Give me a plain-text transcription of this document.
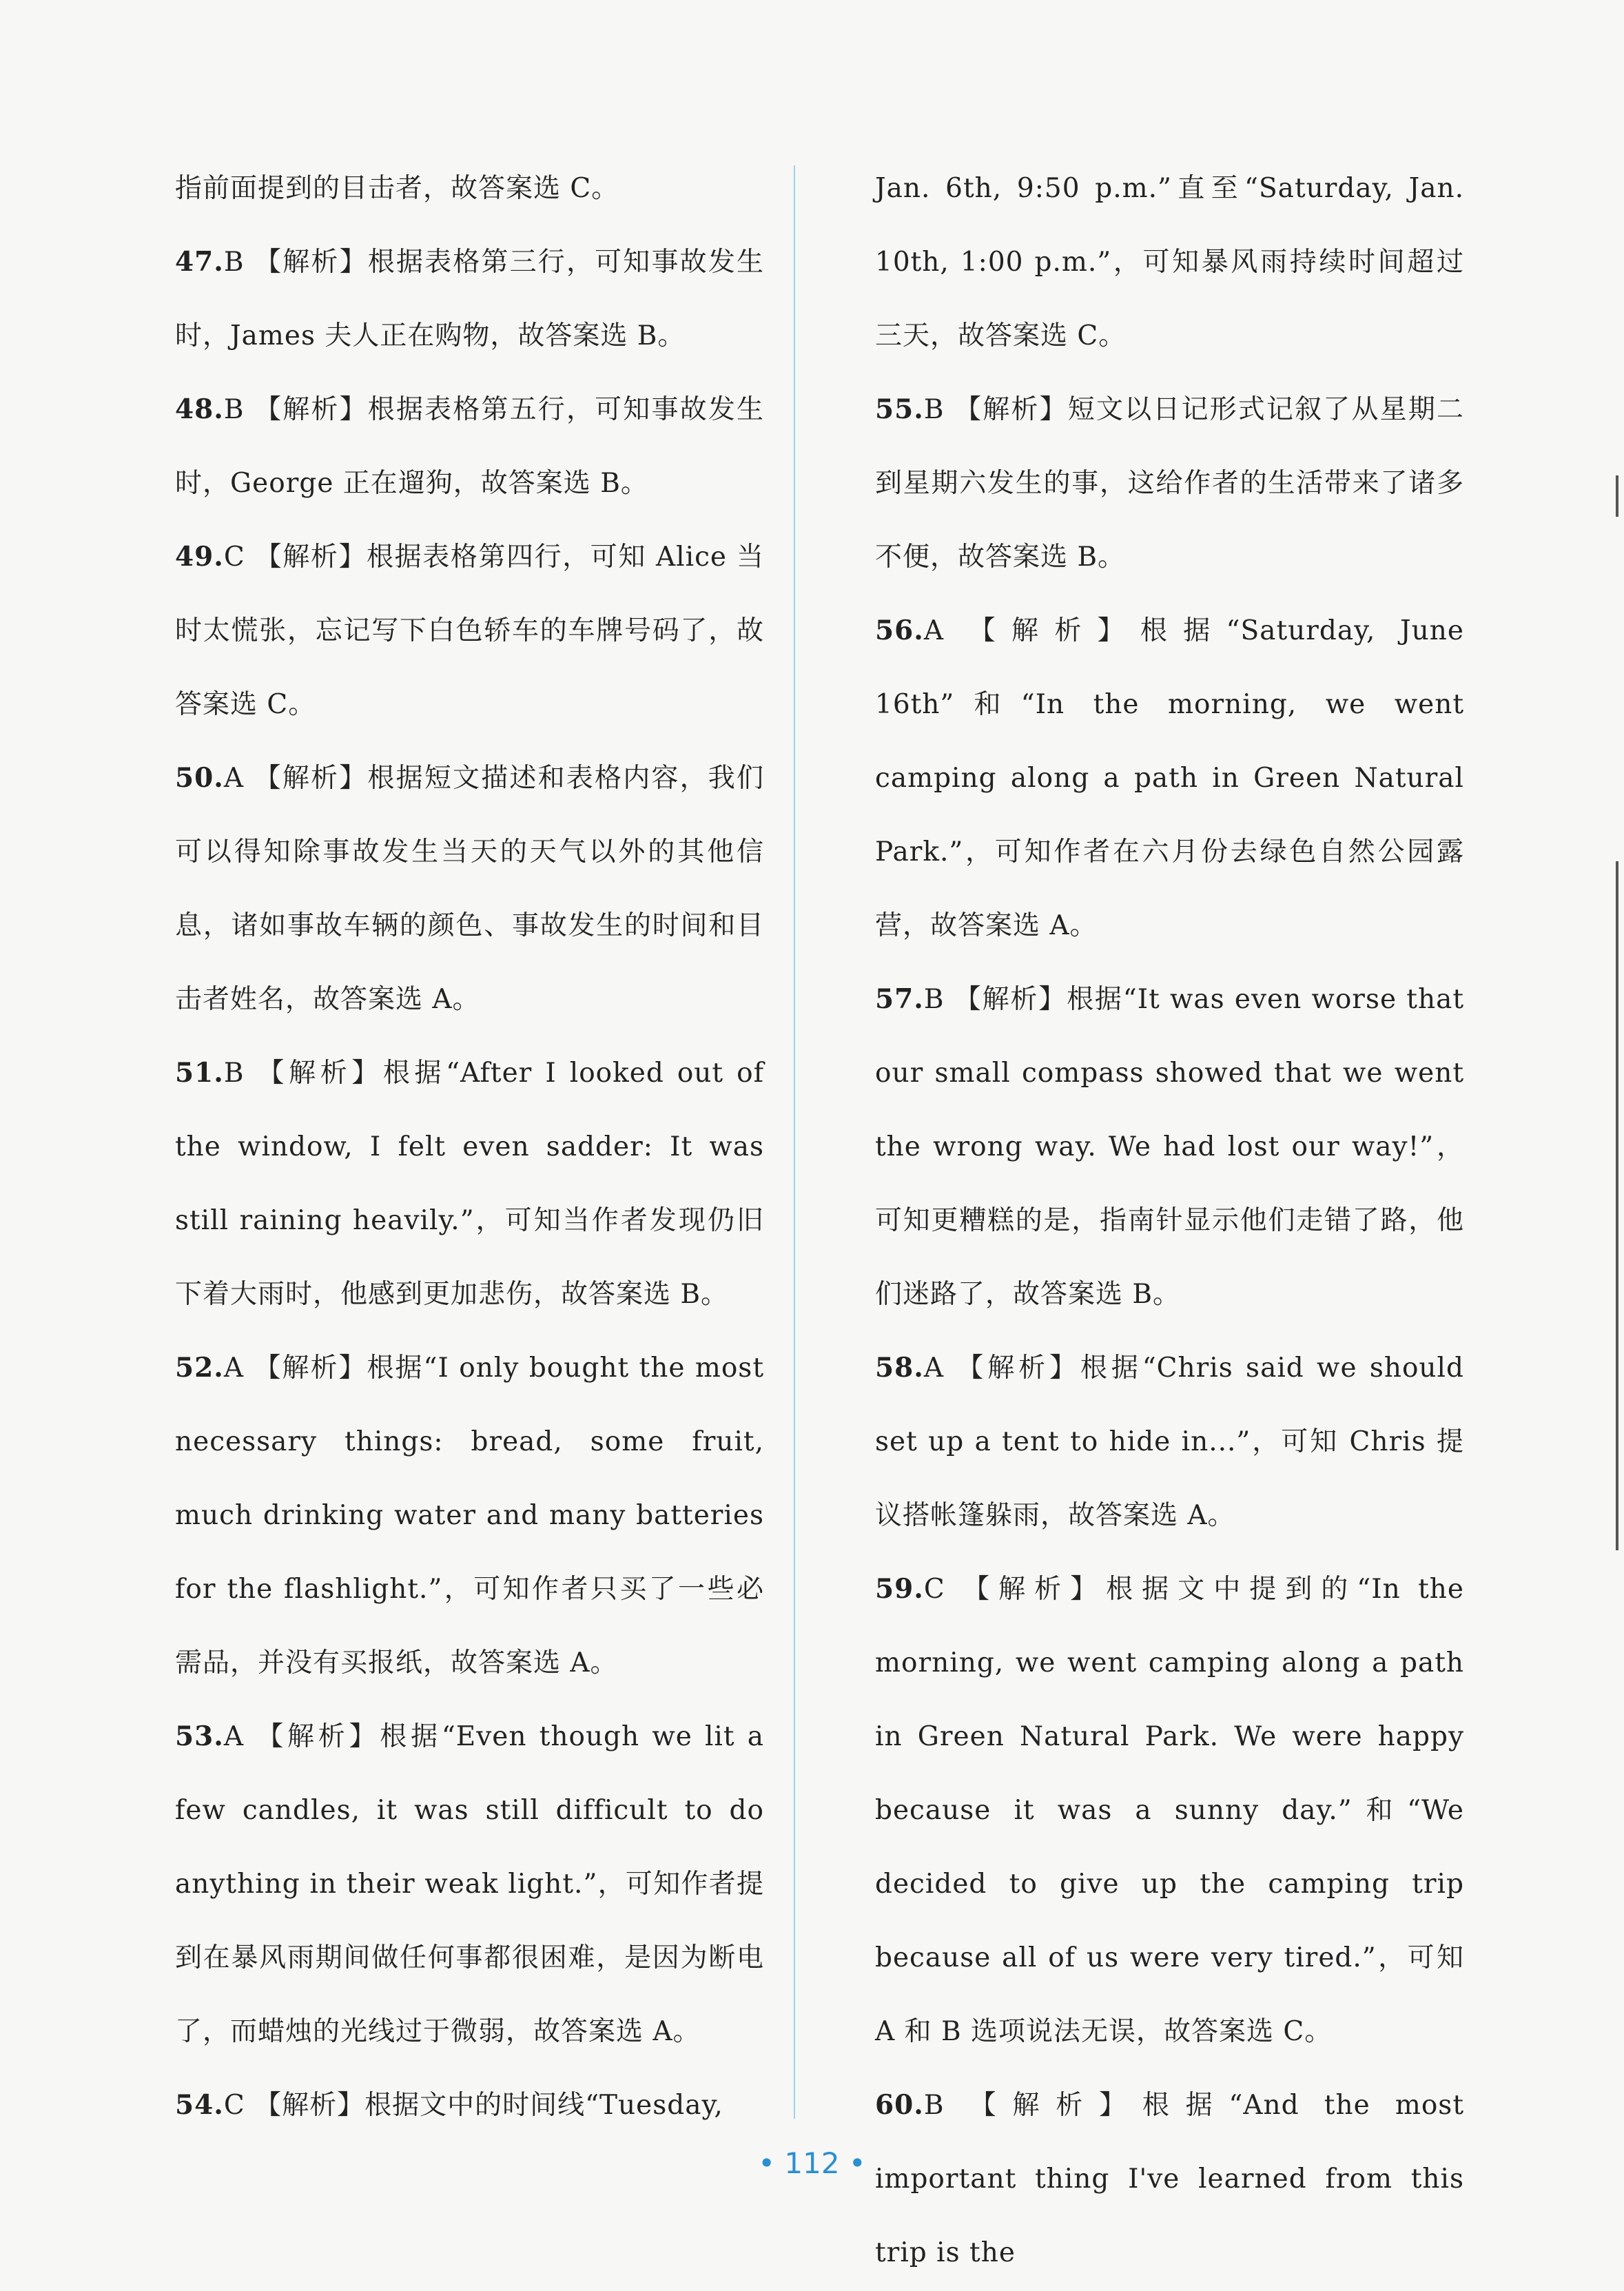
指前面提到的目击者，故答案选 C。

47.B 【解析】根据表格第三行，可知事故发生时，James 夫人正在购物，故答案选 B。

48.B 【解析】根据表格第五行，可知事故发生时，George 正在遛狗，故答案选 B。

49.C 【解析】根据表格第四行，可知 Alice 当时太慌张，忘记写下白色轿车的车牌号码了，故答案选 C。

50.A 【解析】根据短文描述和表格内容，我们可以得知除事故发生当天的天气以外的其他信息，诸如事故车辆的颜色、事故发生的时间和目击者姓名，故答案选 A。

51.B 【解析】根据“After I looked out of the window, I felt even sadder: It was still raining heavily.”，可知当作者发现仍旧下着大雨时，他感到更加悲伤，故答案选 B。

52.A 【解析】根据“I only bought the most necessary things: bread, some fruit, much drinking water and many batteries for the flashlight.”，可知作者只买了一些必需品，并没有买报纸，故答案选 A。

53.A 【解析】根据“Even though we lit a few candles, it was still difficult to do anything in their weak light.”，可知作者提到在暴风雨期间做任何事都很困难，是因为断电了，而蜡烛的光线过于微弱，故答案选 A。

54.C 【解析】根据文中的时间线“Tuesday,

Jan. 6th, 9:50 p.m.”直至“Saturday, Jan. 10th, 1:00 p.m.”，可知暴风雨持续时间超过三天，故答案选 C。

55.B 【解析】短文以日记形式记叙了从星期二到星期六发生的事，这给作者的生活带来了诸多不便，故答案选 B。

56.A 【解析】根据“Saturday, June 16th”和“In the morning, we went camping along a path in Green Natural Park.”，可知作者在六月份去绿色自然公园露营，故答案选 A。

57.B 【解析】根据“It was even worse that our small compass showed that we went the wrong way. We had lost our way!”，可知更糟糕的是，指南针显示他们走错了路，他们迷路了，故答案选 B。

58.A 【解析】根据“Chris said we should set up a tent to hide in...”，可知 Chris 提议搭帐篷躲雨，故答案选 A。

59.C 【解析】根据文中提到的“In the morning, we went camping along a path in Green Natural Park. We were happy because it was a sunny day.”和“We decided to give up the camping trip because all of us were very tired.”，可知 A 和 B 选项说法无误，故答案选 C。

60.B 【解析】根据“And the most important thing I've learned from this trip is the

• 112 •
